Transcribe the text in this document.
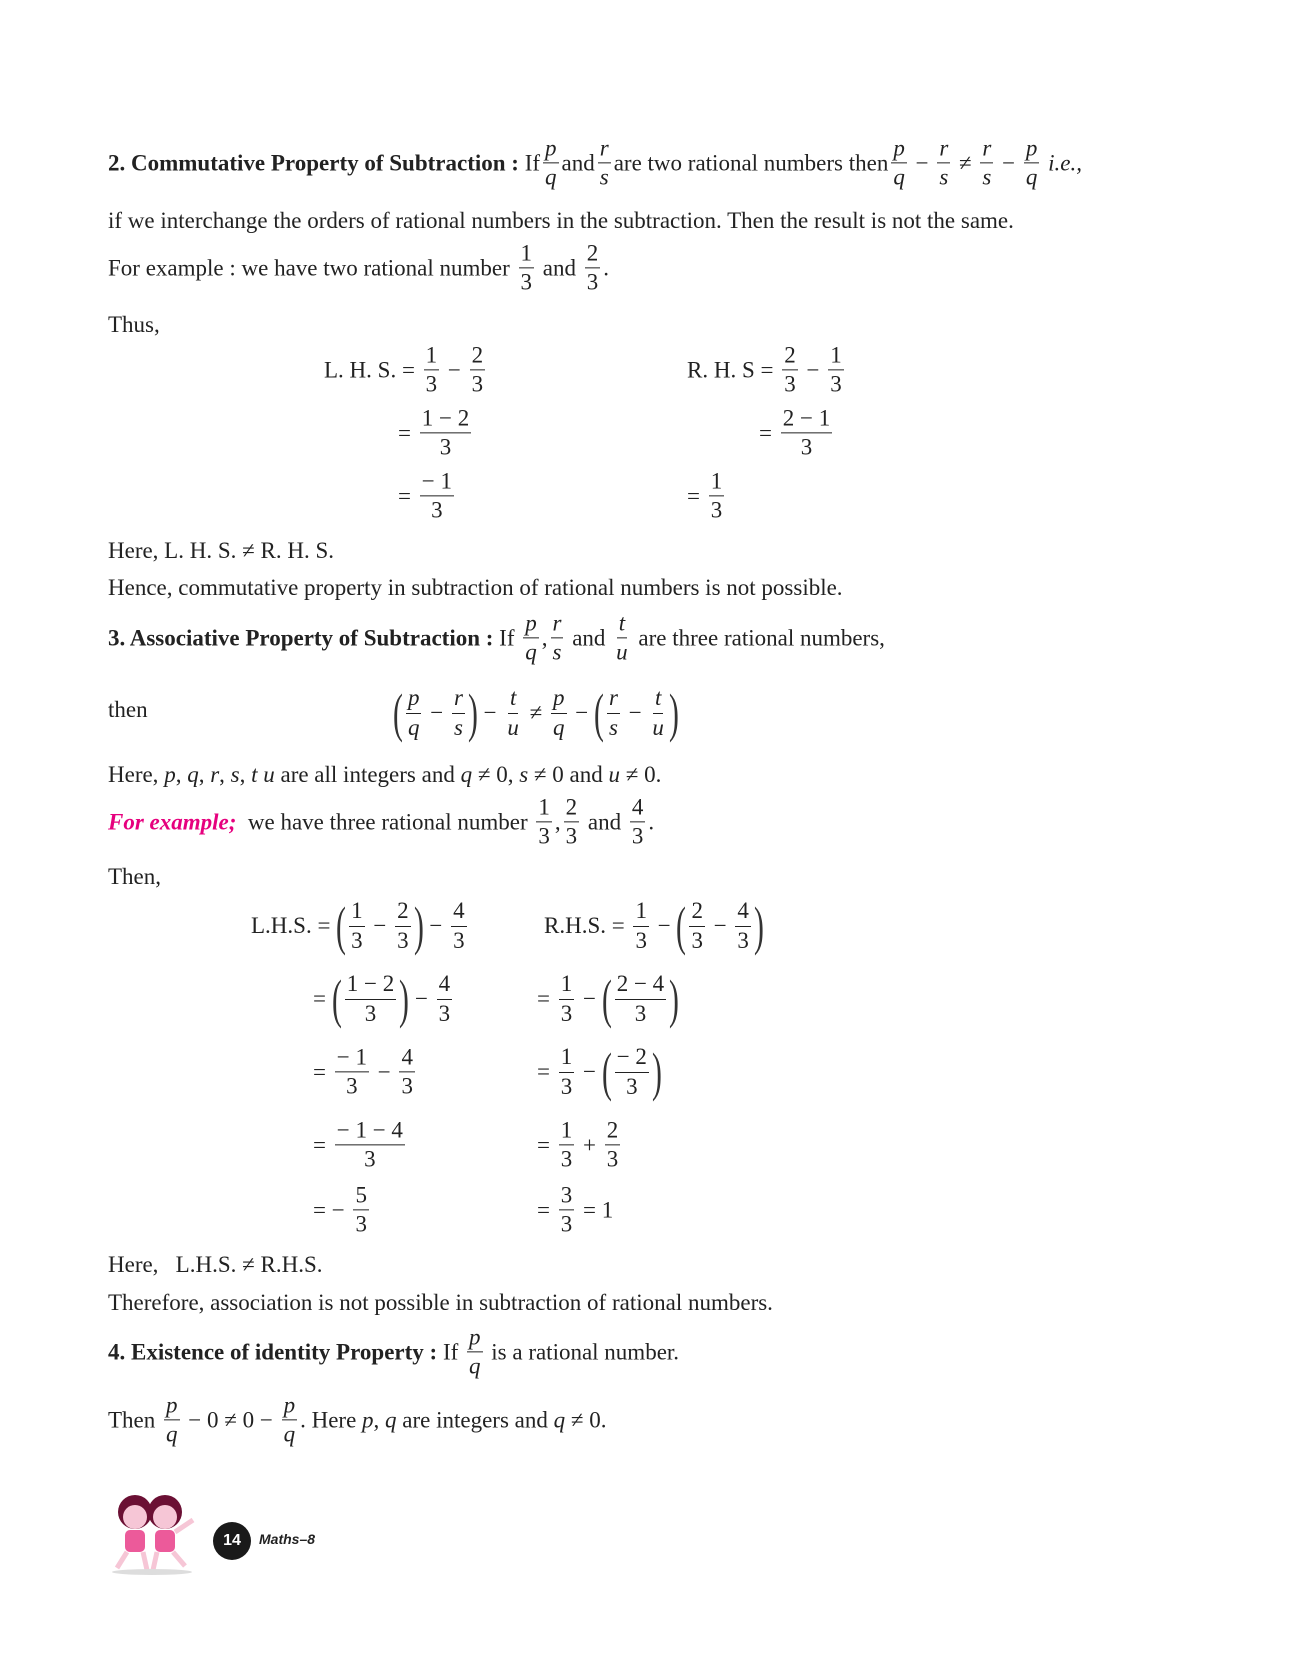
2. Commutative Property of Subtraction : If $\frac{p}{q}$ and $\frac{r}{s}$ are two rational numbers then $\frac{p}{q} - \frac{r}{s} \ne \frac{r}{s} - \frac{p}{q} i.e$.,
if we interchange the orders of rational numbers in the subtraction. Then the result is not the same.
For example : we have two rational number $\frac{1}{3}$ and $\frac{2}{3}$ .
Thus,
L. H. S. = $\frac{1}{3} - \frac{2}{3}$
= $\frac{1 - 2}{3}$
= $\frac{- 1}{3}$
R. H. $S = \frac{2}{3} - \frac{1}{3}$
= $\frac{2 - 1}{3}$
= $\frac{1}{3}$
Here, L. H. S. ≠ R. H. S.
Hence, commutative property in subtraction of rational numbers is not possible.
3. Associative Property of Subtraction : If $\frac{p}{q}$ , $\frac{r}{s}$ and $\frac{t}{u}$ are three rational numbers,
then	( $\frac{p}{q} - \frac{r}{s}$ ) − $\frac{t}{u} \ne \frac{p}{q}$ − ( $\frac{r}{s} - \frac{t}{u}$ )
Here, p , q , r , s , t u are all integers and q ≠ 0, s ≠ 0 and u ≠ 0.
For example; we have three rational number $\frac{1}{3}$ , $\frac{2}{3}$ and $\frac{4}{3}$ .
Then,
L.H.S. = ( $\frac{1}{3} - \frac{2}{3}$ ) − $\frac{4}{3}$
= ( $\frac{1 - 2}{3}$ ) − $\frac{4}{3}$
= $\frac{- 1}{3} - \frac{4}{3}$
= $\frac{- 1 - 4}{3}$
= − $\frac{5}{3}$
R.H.S. = $\frac{1}{3}$ − ( $\frac{2}{3} - \frac{4}{3}$ )
= $\frac{1}{3}$ − ( $\frac{2 - 4}{3}$ )
= $\frac{1}{3}$ − ( $\frac{- 2}{3}$ )
= $\frac{1}{3} + \frac{2}{3}$
= $\frac{3}{3} = 1$
Here,   L.H.S. ≠ R.H.S.
Therefore, association is not possible in subtraction of rational numbers.
4. Existence of identity Property : If $\frac{p}{q}$ is a rational number.
Then $\frac{p}{q} - 0 \ne 0 - \frac{p}{q}$ . Here p , q are integers and q ≠ 0.
14	Maths–8
